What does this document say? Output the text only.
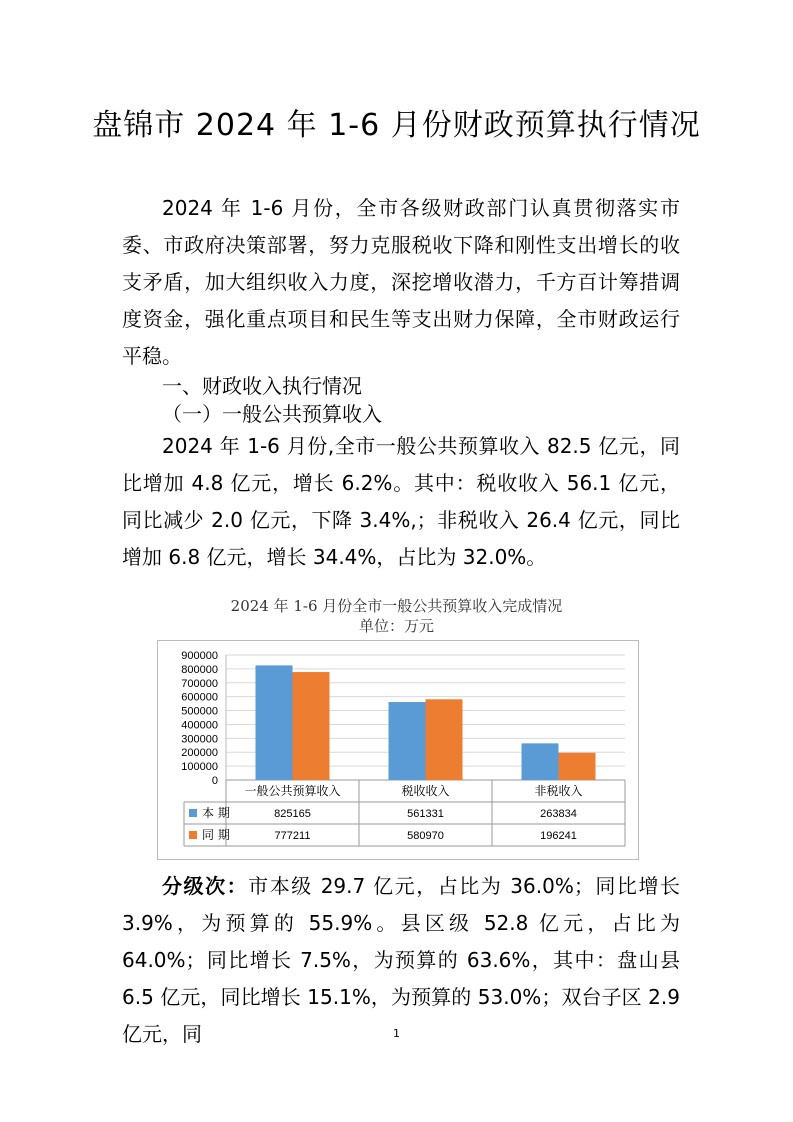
盘锦市 2024 年 1-6 月份财政预算执行情况

2024 年 1-6 月份，全市各级财政部门认真贯彻落实市委、市政府决策部署，努力克服税收下降和刚性支出增长的收支矛盾，加大组织收入力度，深挖增收潜力，千方百计筹措调度资金，强化重点项目和民生等支出财力保障，全市财政运行平稳。

一、财政收入执行情况

（一）一般公共预算收入

2024 年 1-6 月份,全市一般公共预算收入 82.5 亿元，同比增加 4.8 亿元，增长 6.2%。其中：税收收入 56.1 亿元，同比减少 2.0 亿元，下降 3.4%,；非税收入 26.4 亿元，同比增加 6.8 亿元，增长 34.4%，占比为 32.0%。

2024 年 1-6 月份全市一般公共预算收入完成情况
单位：万元
0
100000
200000
300000
400000
500000
600000
700000
800000
900000
一般公共预算收入	税收收入	非税收入
本 期	825165	561331	263834
同 期	777211	580970	196241

分级次：市本级 29.7 亿元，占比为 36.0%；同比增长 3.9%，为预算的 55.9%。县区级 52.8 亿元，占比为 64.0%；同比增长 7.5%，为预算的 63.6%，其中：盘山县 6.5 亿元，同比增长 15.1%，为预算的 53.0%；双台子区 2.9 亿元，同	1
